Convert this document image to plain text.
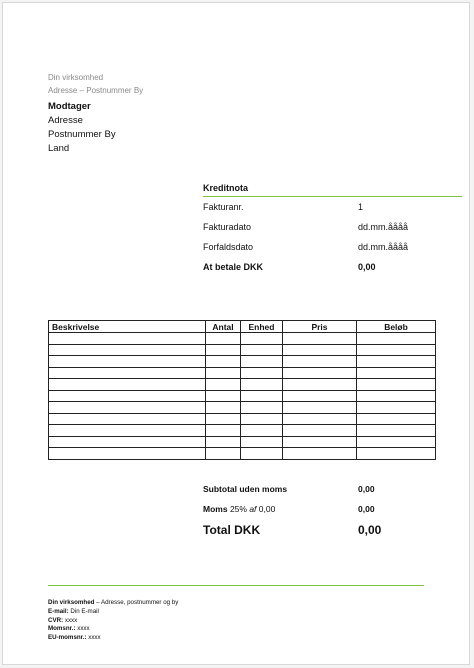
Din virksomhed
Adresse – Postnummer By
Modtager
Adresse
Postnummer By
Land
Kreditnota
Fakturanr.	1
Fakturadato	dd.mm.åååå
Forfaldsdato	dd.mm.åååå
At betale DKK	0,00
Beskrivelse	Antal	Enhed	Pris	Beløb

Subtotal uden moms	0,00
Moms 25% af 0,00	0,00
Total DKK	0,00
Din virksomhed – Adresse, postnummer og by
E-mail: Din E-mail
CVR: xxxx
Momsnr.: xxxx
EU-momsnr.: xxxx
